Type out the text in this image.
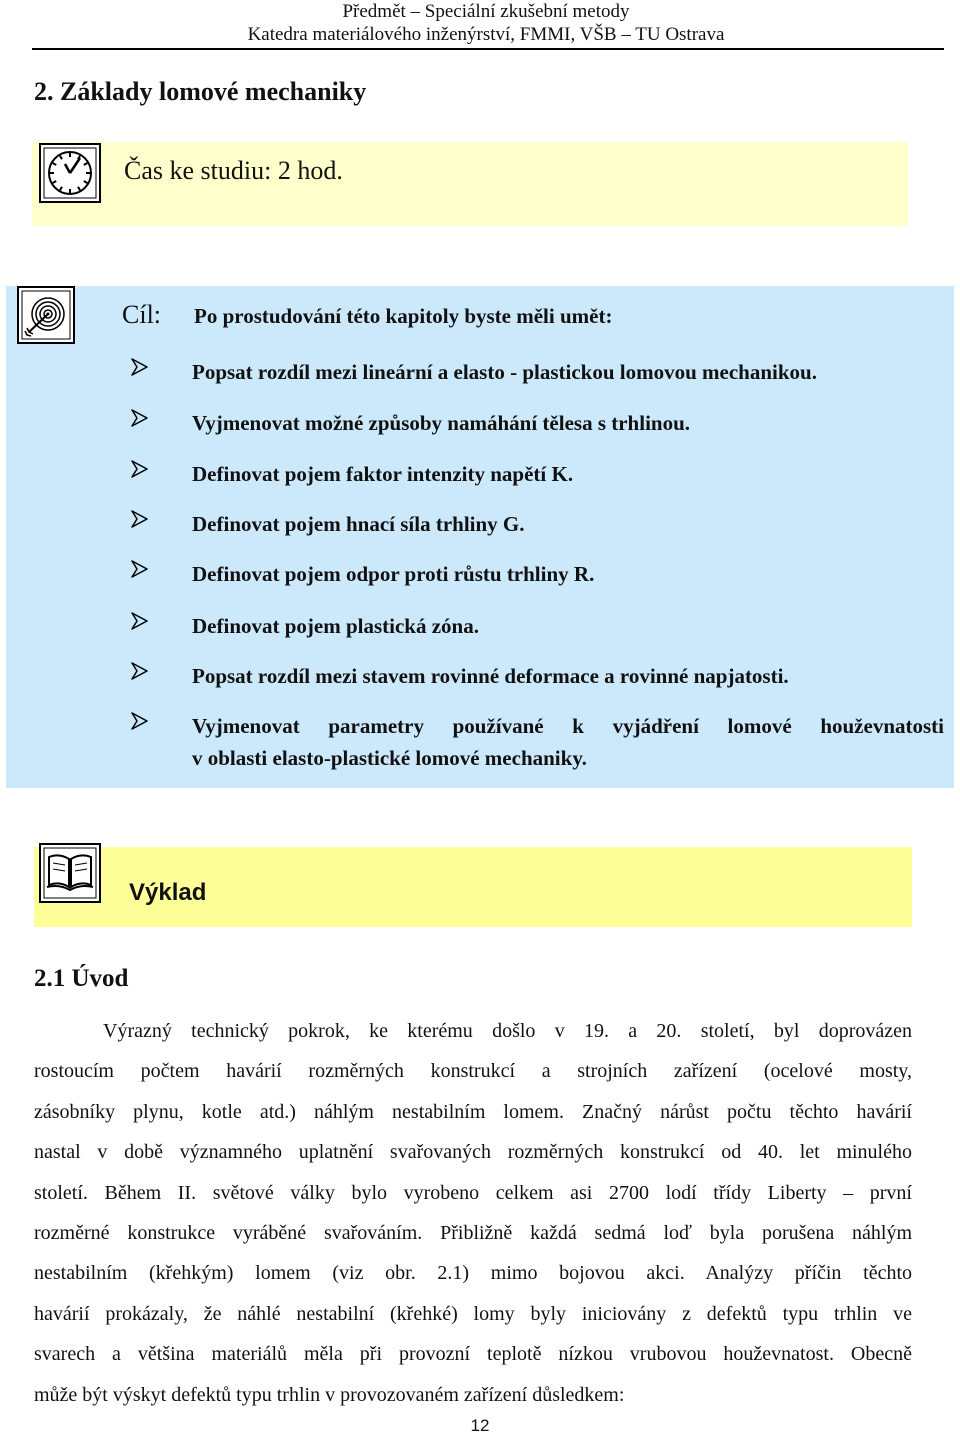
Předmět – Speciální zkušební metody
Katedra materiálového inženýrství, FMMI, VŠB – TU Ostrava
2. Základy lomové mechaniky
Čas ke studiu: 2 hod.
Cíl: Po prostudování této kapitoly byste měli umět:
Popsat rozdíl mezi lineární a elasto - plastickou lomovou mechanikou.
Vyjmenovat možné způsoby namáhání tělesa s trhlinou.
Definovat pojem faktor intenzity napětí K.
Definovat pojem hnací síla trhliny G.
Definovat pojem odpor proti růstu trhliny R.
Definovat pojem plastická zóna.
Popsat rozdíl mezi stavem rovinné deformace a rovinné napjatosti.
Vyjmenovat parametry používané k vyjádření lomové houževnatosti
v oblasti elasto-plastické lomové mechaniky.
Výklad
2.1 Úvod
Výrazný technický pokrok, ke kterému došlo v 19. a 20. století, byl doprovázen
rostoucím počtem havárií rozměrných konstrukcí a strojních zařízení (ocelové mosty,
zásobníky plynu, kotle atd.) náhlým nestabilním lomem. Značný nárůst počtu těchto havárií
nastal v době významného uplatnění svařovaných rozměrných konstrukcí od 40. let minulého
století. Během II. světové války bylo vyrobeno celkem asi 2700 lodí třídy Liberty – první
rozměrné konstrukce vyráběné svařováním. Přibližně každá sedmá loď byla porušena náhlým
nestabilním (křehkým) lomem (viz obr. 2.1) mimo bojovou akci. Analýzy příčin těchto
havárií prokázaly, že náhlé nestabilní (křehké) lomy byly iniciovány z defektů typu trhlin ve
svarech a většina materiálů měla při provozní teplotě nízkou vrubovou houževnatost. Obecně
může být výskyt defektů typu trhlin v provozovaném zařízení důsledkem:
12
